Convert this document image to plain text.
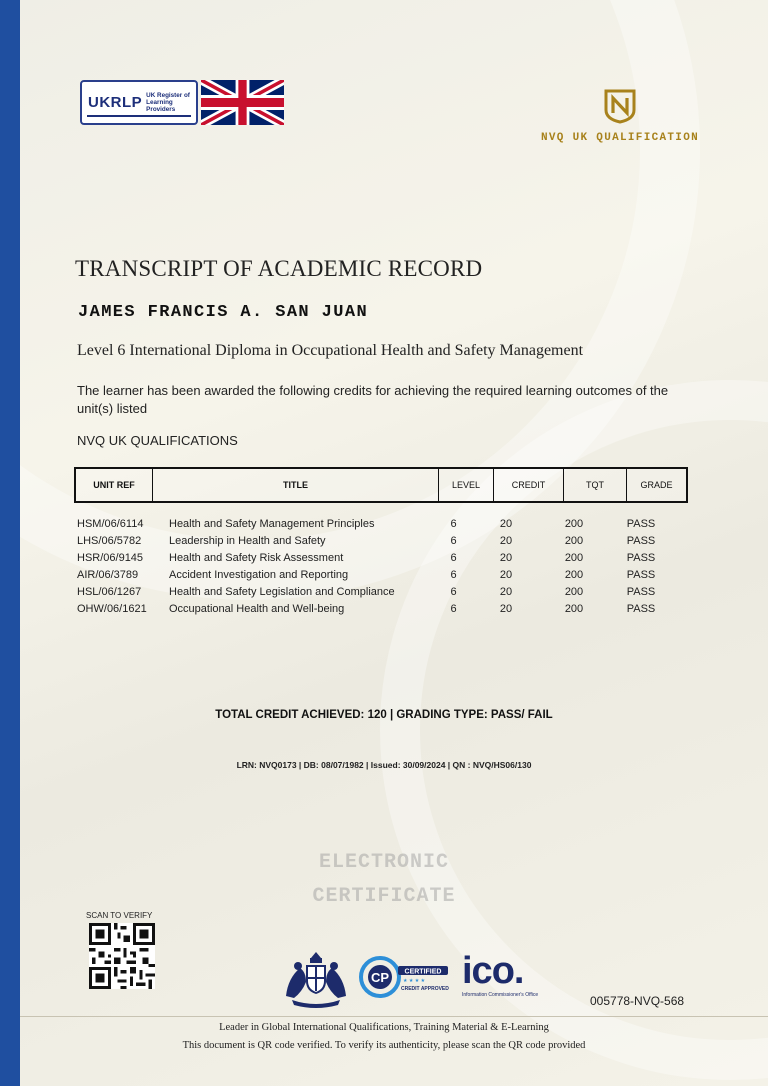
UKRLP UK Register of Learning Providers
NVQ UK QUALIFICATION
TRANSCRIPT OF ACADEMIC RECORD
JAMES FRANCIS A. SAN JUAN
Level 6 International Diploma in Occupational Health and Safety Management
The learner has been awarded the following credits for achieving the required learning outcomes of the unit(s) listed
NVQ UK QUALIFICATIONS
UNIT REF	TITLE	LEVEL	CREDIT	TQT	GRADE
HSM/06/6114	Health and Safety Management Principles	6	20	200	PASS
LHS/06/5782	Leadership in Health and Safety	6	20	200	PASS
HSR/06/9145	Health and Safety Risk Assessment	6	20	200	PASS
AIR/06/3789	Accident Investigation and Reporting	6	20	200	PASS
HSL/06/1267	Health and Safety Legislation and Compliance	6	20	200	PASS
OHW/06/1621	Occupational Health and Well-being	6	20	200	PASS
TOTAL CREDIT ACHIEVED: 120 | GRADING TYPE: PASS/ FAIL
LRN: NVQ0173 | DB: 08/07/1982 | Issued: 30/09/2024 | QN : NVQ/HS06/130
ELECTRONIC
CERTIFICATE
SCAN TO VERIFY
CP CERTIFIED
★ ★ ★ ★
CREDIT APPROVED ico.
Information Commissioner's Office	005778-NVQ-568
Leader in Global International Qualifications, Training Material & E-Learning
This document is QR code verified. To verify its authenticity, please scan the QR code provided
